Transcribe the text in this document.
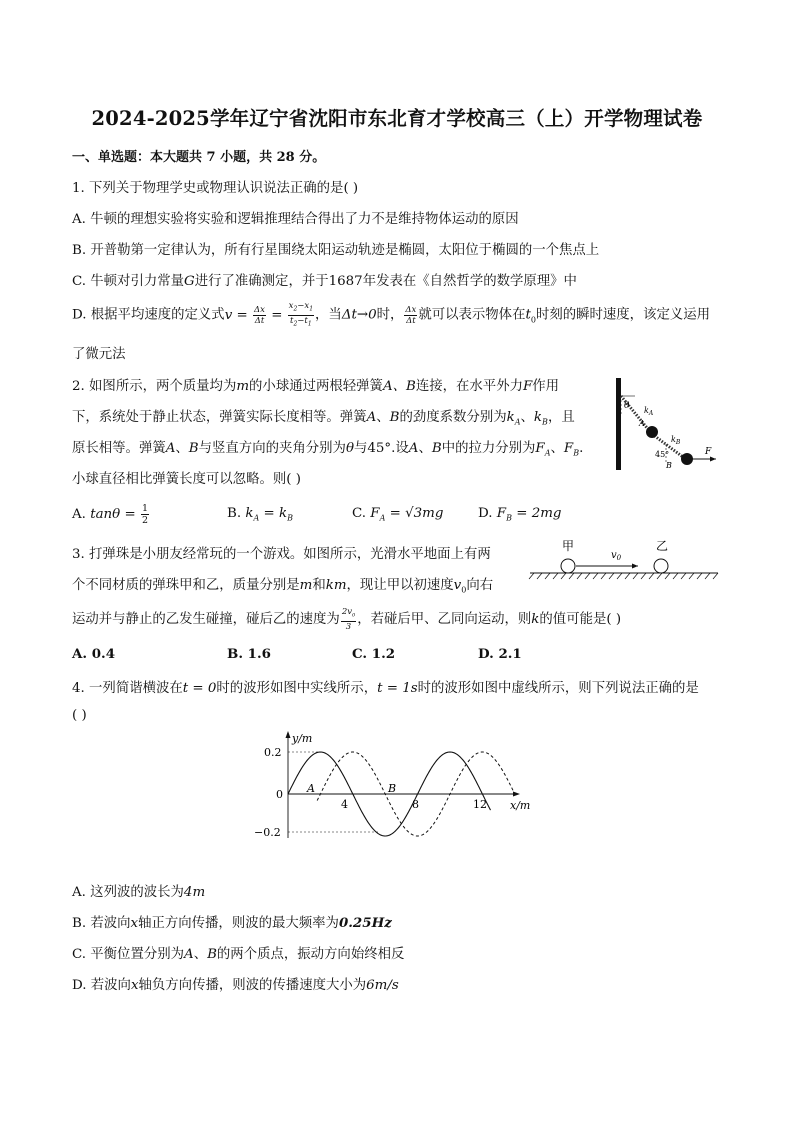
2024-2025学年辽宁省沈阳市东北育才学校高三（上）开学物理试卷
一、单选题：本大题共 7 小题，共 28 分。
1. 下列关于物理学史或物理认识说法正确的是( )
A. 牛顿的理想实验将实验和逻辑推理结合得出了力不是维持物体运动的原因
B. 开普勒第一定律认为，所有行星围绕太阳运动轨迹是椭圆，太阳位于椭圆的一个焦点上
C. 牛顿对引力常量G进行了准确测定，并于1687年发表在《自然哲学的数学原理》中
D. 根据平均速度的定义式$v = \frac{\Delta x}{\Delta t} = \frac{x_2-x_1}{t_2-t_1}$ ，当Δt→0时， $\frac{\Delta x}{\Delta t}$ 就可以表示物体在$t_0$时刻的瞬时速度，该定义运用
了微元法
2. 如图所示，两个质量均为m的小球通过两根轻弹簧A、B连接，在水平外力F作用
下，系统处于静止状态，弹簧实际长度相等。弹簧A、B的劲度系数分别为$k_A$、$k_B$，且
原长相等。弹簧A、B与竖直方向的夹角分别为θ与45°.设A、B中的拉力分别为$F_A$、$F_B$.
小球直径相比弹簧长度可以忽略。则( )
A. $\tan\theta = \frac{1}{2}$	B. $k_A = k_B$	C. $F_A = √3mg$	D. $F_B = 2mg$
θ $k_A$
A
$k_B$
45°
B
F
3. 打弹珠是小朋友经常玩的一个游戏。如图所示，光滑水平地面上有两
个不同材质的弹珠甲和乙，质量分别是m和km，现让甲以初速度$v_0$向右
运动并与静止的乙发生碰撞，碰后乙的速度为 $\frac{2v_0}{3}$ ，若碰后甲、乙同向运动，则k的值可能是( )
A. 0.4	B. 1.6	C. 1.2	D. 2.1
甲	乙
$v_0$
4. 一列简谐横波在t = 0时的波形如图中实线所示，t = 1s时的波形如图中虚线所示，则下列说法正确的是
( )
y/m
x/m
0.2
0
−0.2
4	8	12
A	B
A. 这列波的波长为4m
B. 若波向x轴正方向传播，则波的最大频率为0.25Hz
C. 平衡位置分别为A、B的两个质点，振动方向始终相反
D. 若波向x轴负方向传播，则波的传播速度大小为6m/s
